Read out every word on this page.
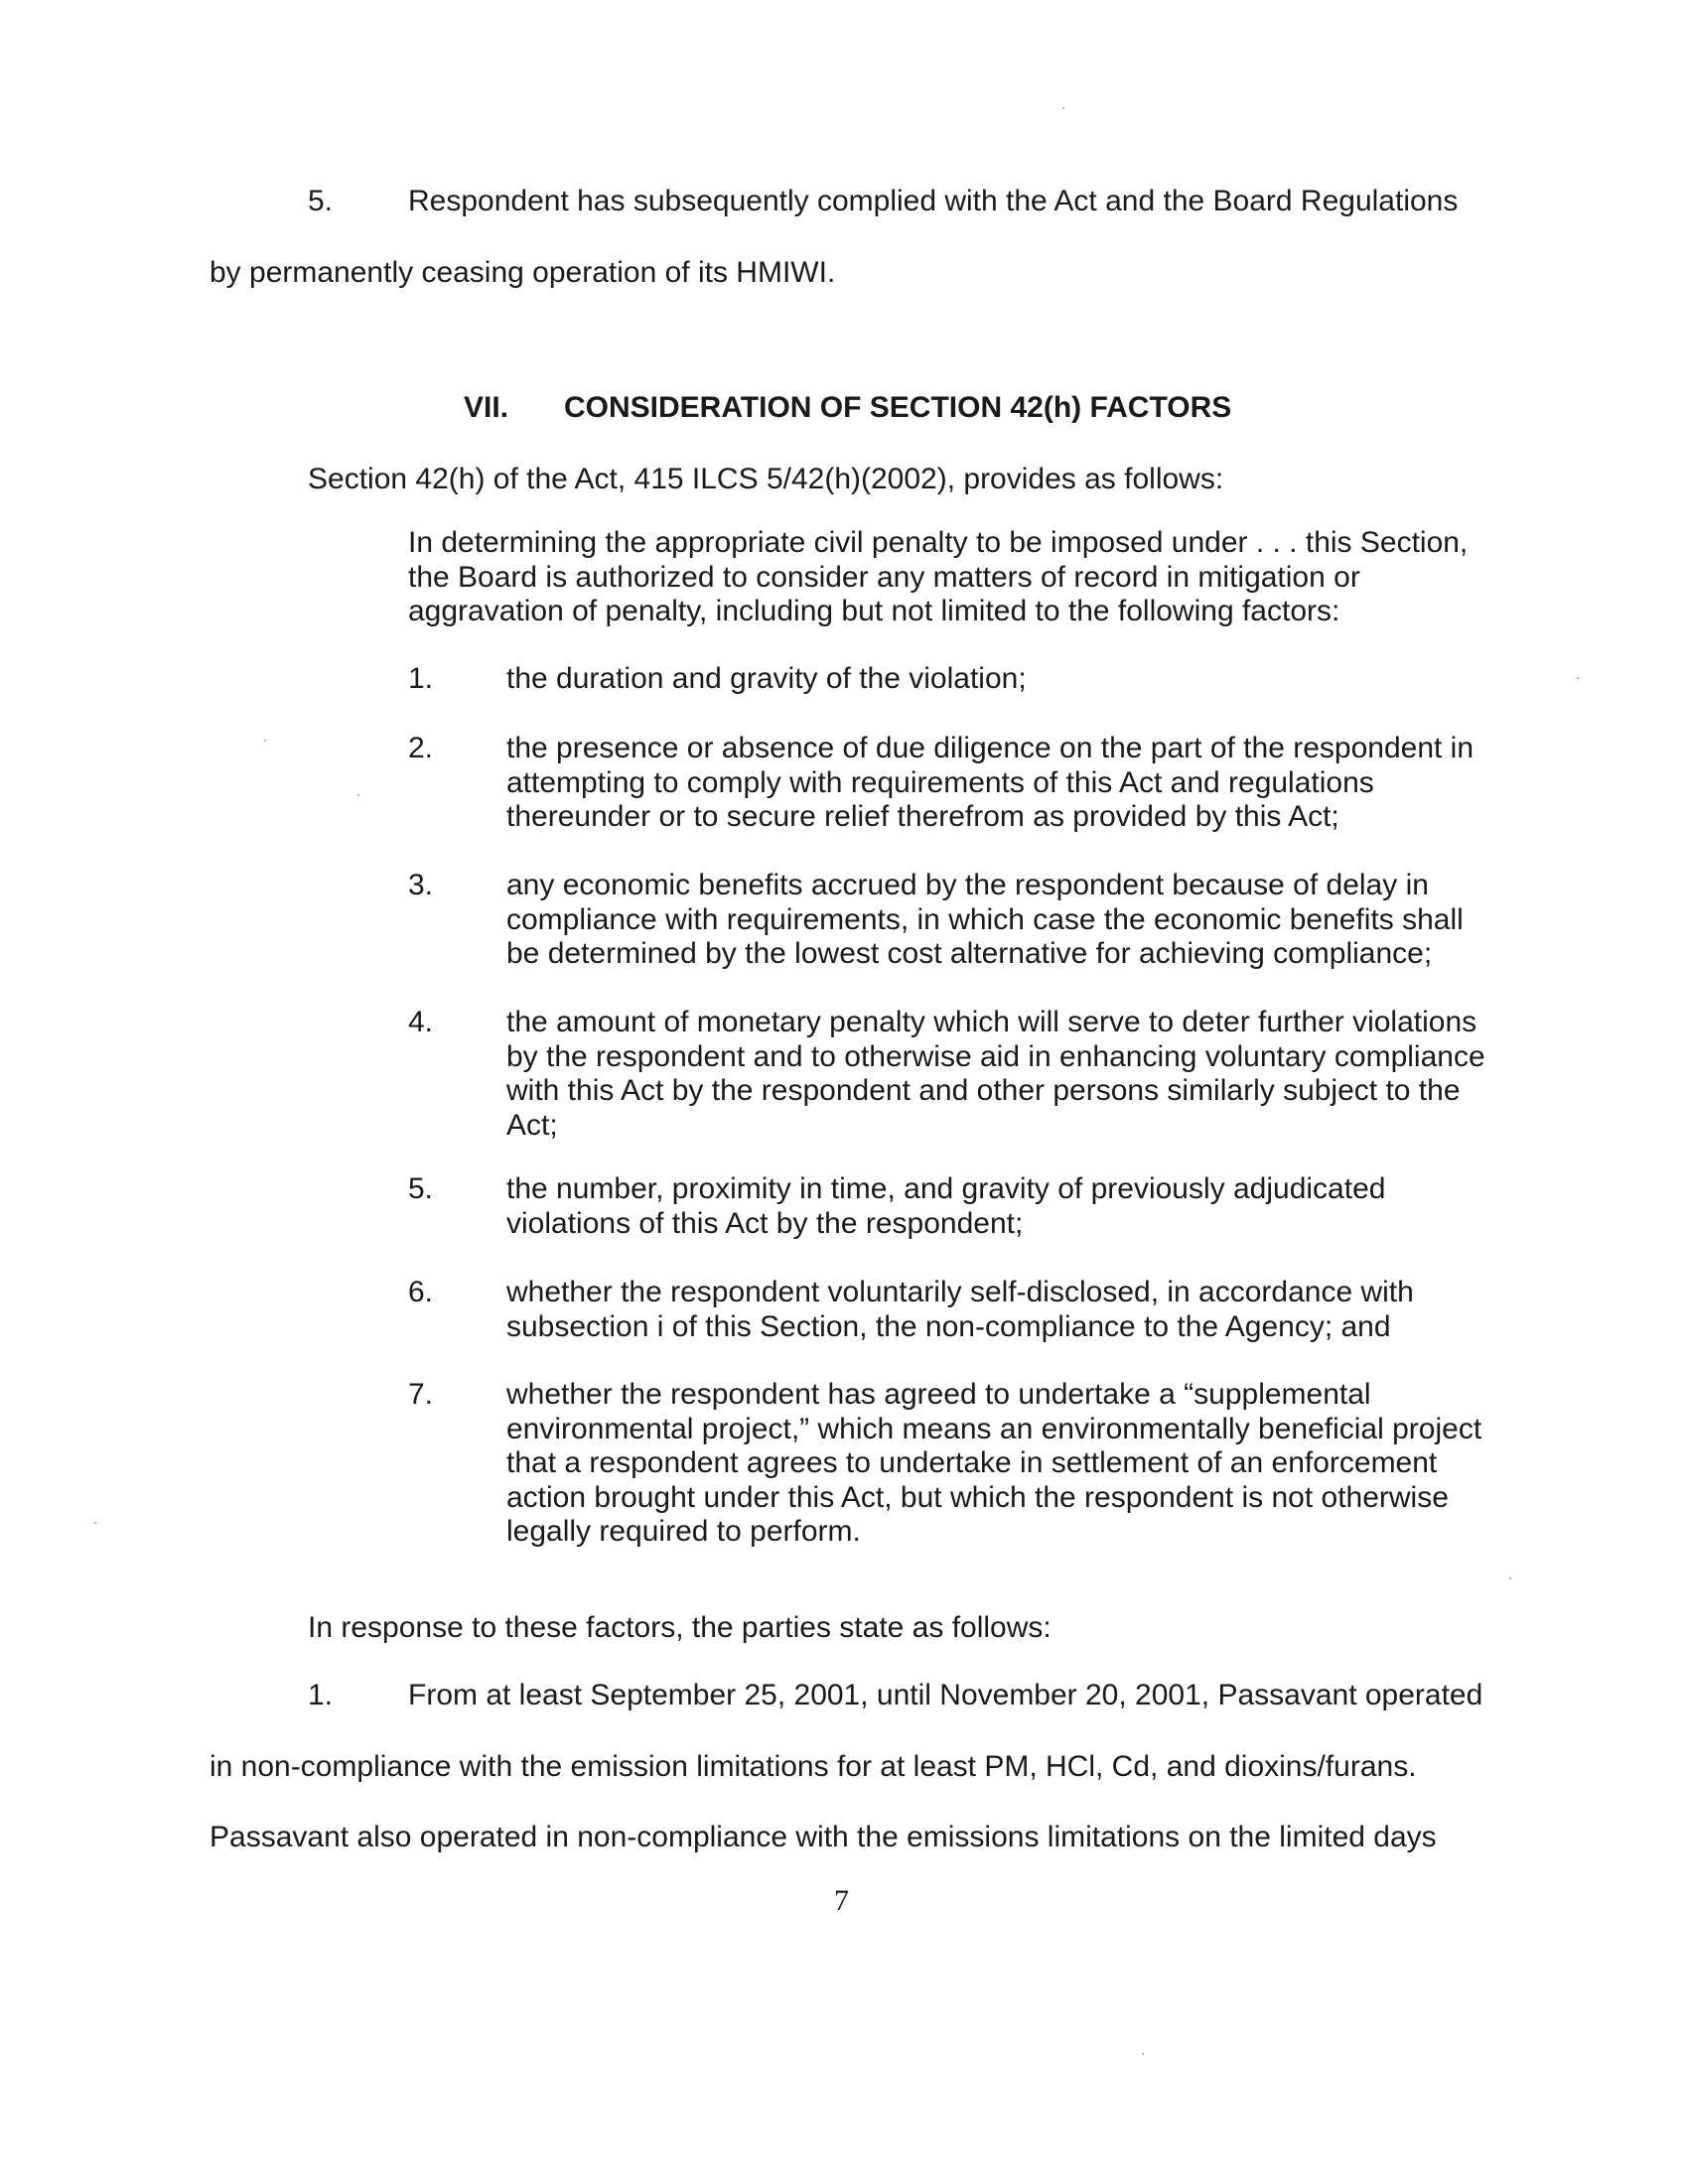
5.	Respondent has subsequently complied with the Act and the Board Regulations
by permanently ceasing operation of its HMIWI.
VII. CONSIDERATION OF SECTION 42(h) FACTORS
Section 42(h) of the Act, 415 ILCS 5/42(h)(2002), provides as follows:
In determining the appropriate civil penalty to be imposed under . . . this Section,
the Board is authorized to consider any matters of record in mitigation or
aggravation of penalty, including but not limited to the following factors:
1. the duration and gravity of the violation;
2. the presence or absence of due diligence on the part of the respondent in
attempting to comply with requirements of this Act and regulations
thereunder or to secure relief therefrom as provided by this Act;
3. any economic benefits accrued by the respondent because of delay in
compliance with requirements, in which case the economic benefits shall
be determined by the lowest cost alternative for achieving compliance;
4. the amount of monetary penalty which will serve to deter further violations
by the respondent and to otherwise aid in enhancing voluntary compliance
with this Act by the respondent and other persons similarly subject to the
Act;
5. the number, proximity in time, and gravity of previously adjudicated
violations of this Act by the respondent;
6. whether the respondent voluntarily self-disclosed, in accordance with
subsection i of this Section, the non-compliance to the Agency; and
7. whether the respondent has agreed to undertake a “supplemental
environmental project,” which means an environmentally beneficial project
that a respondent agrees to undertake in settlement of an enforcement
action brought under this Act, but which the respondent is not otherwise
legally required to perform.
In response to these factors, the parties state as follows:
1.	From at least September 25, 2001, until November 20, 2001, Passavant operated
in non-compliance with the emission limitations for at least PM, HCl, Cd, and dioxins/furans.
Passavant also operated in non-compliance with the emissions limitations on the limited days
7
